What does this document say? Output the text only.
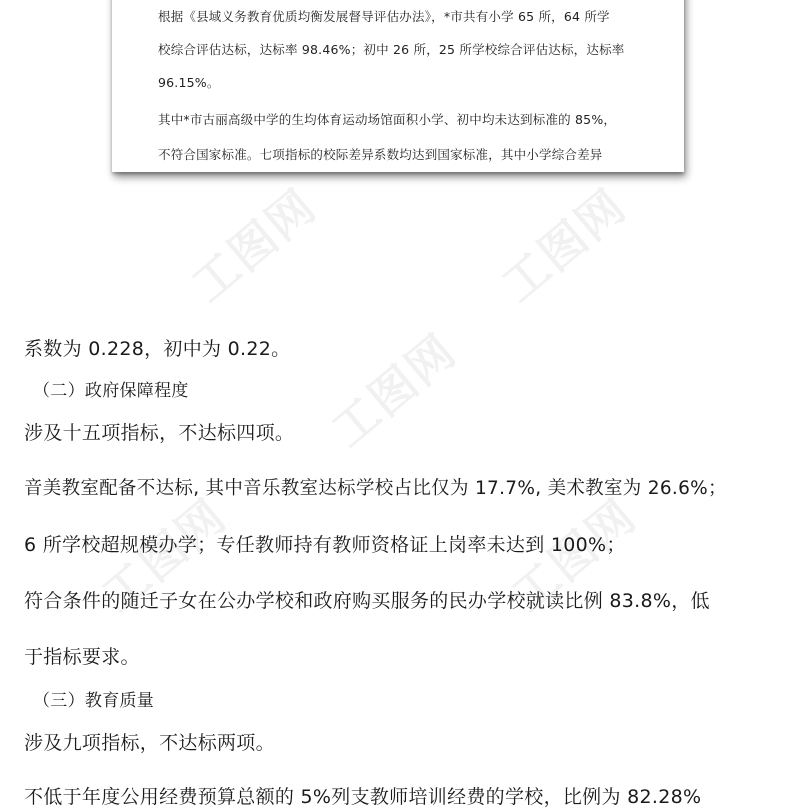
工图网	工图网
工图网
工图网	工图网
根据《县域义务教育优质均衡发展督导评估办法》，*市共有小学 65 所，64 所学
校综合评估达标，达标率 98.46%；初中 26 所，25 所学校综合评估达标，达标率
96.15%。
其中*市古丽高级中学的生均体育运动场馆面积小学、初中均未达到标准的 85%，
不符合国家标准。七项指标的校际差异系数均达到国家标准，其中小学综合差异
系数为 0.228，初中为 0.22。
（二）政府保障程度
涉及十五项指标，不达标四项。
音美教室配备不达标, 其中音乐教室达标学校占比仅为 17.7%, 美术教室为 26.6%；
6 所学校超规模办学；专任教师持有教师资格证上岗率未达到 100%；
符合条件的随迁子女在公办学校和政府购买服务的民办学校就读比例 83.8%，低
于指标要求。
（三）教育质量
涉及九项指标，不达标两项。
不低于年度公用经费预算总额的 5%列支教师培训经费的学校，比例为 82.28%
